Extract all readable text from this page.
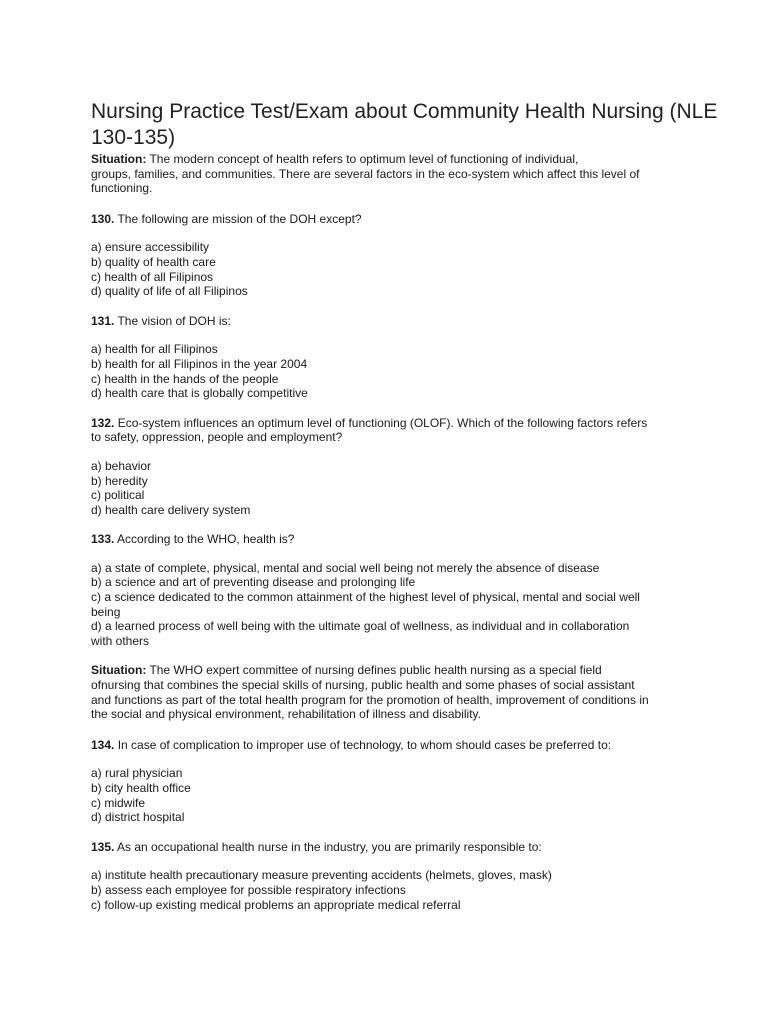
Nursing Practice Test/Exam about Community Health Nursing (NLE 130-135)

Situation: The modern concept of health refers to optimum level of functioning of individual,
groups, families, and communities. There are several factors in the eco-system which affect this level of
functioning.

130. The following are mission of the DOH except?

a) ensure accessibility
b) quality of health care
c) health of all Filipinos
d) quality of life of all Filipinos

131. The vision of DOH is:

a) health for all Filipinos
b) health for all Filipinos in the year 2004
c) health in the hands of the people
d) health care that is globally competitive

132. Eco-system influences an optimum level of functioning (OLOF). Which of the following factors refers
to safety, oppression, people and employment?

a) behavior
b) heredity
c) political
d) health care delivery system

133. According to the WHO, health is?

a) a state of complete, physical, mental and social well being not merely the absence of disease
b) a science and art of preventing disease and prolonging life
c) a science dedicated to the common attainment of the highest level of physical, mental and social well
being
d) a learned process of well being with the ultimate goal of wellness, as individual and in collaboration
with others

Situation: The WHO expert committee of nursing defines public health nursing as a special field
ofnursing that combines the special skills of nursing, public health and some phases of social assistant
and functions as part of the total health program for the promotion of health, improvement of conditions in
the social and physical environment, rehabilitation of illness and disability.

134. In case of complication to improper use of technology, to whom should cases be preferred to:

a) rural physician
b) city health office
c) midwife
d) district hospital

135. As an occupational health nurse in the industry, you are primarily responsible to:

a) institute health precautionary measure preventing accidents (helmets, gloves, mask)
b) assess each employee for possible respiratory infections
c) follow-up existing medical problems an appropriate medical referral
